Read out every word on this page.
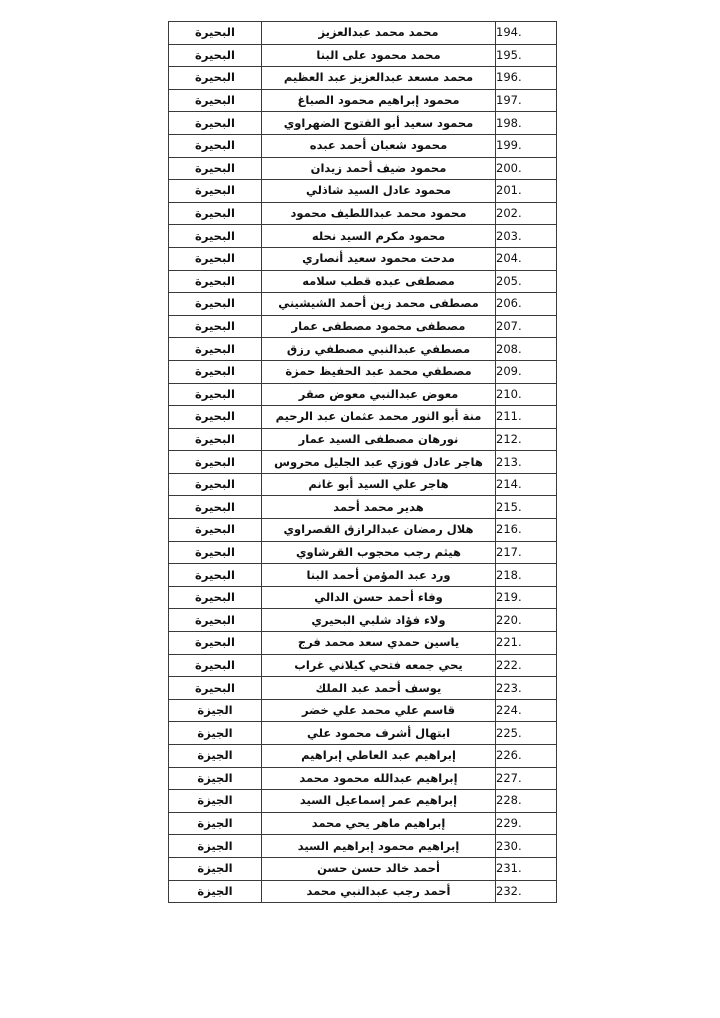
البحيرة	محمد محمد عبدالعزيز	194.
البحيرة	محمد محمود على البنا	195.
البحيرة	محمد مسعد عبدالعزيز عبد العظيم	196.
البحيرة	محمود إبراهيم محمود الصباغ	197.
البحيرة	محمود سعيد أبو الفتوح الضهراوي	198.
البحيرة	محمود شعبان أحمد عبده	199.
البحيرة	محمود ضيف أحمد زيدان	200.
البحيرة	محمود عادل السيد شاذلي	201.
البحيرة	محمود محمد عبداللطيف محمود	202.
البحيرة	محمود مكرم السيد نحله	203.
البحيرة	مدحت محمود سعيد أنصاري	204.
البحيرة	مصطفى عبده قطب سلامه	205.
البحيرة	مصطفى محمد زين أحمد الشيشيني	206.
البحيرة	مصطفى محمود مصطفى عمار	207.
البحيرة	مصطفي عبدالنبي مصطفي رزق	208.
البحيرة	مصطفي محمد عبد الحفيظ حمزة	209.
البحيرة	معوض عبدالنبي معوض صقر	210.
البحيرة	منة أبو النور محمد عثمان عبد الرحيم	211.
البحيرة	نورهان مصطفى السيد عمار	212.
البحيرة	هاجر عادل فوزي عبد الجليل محروس	213.
البحيرة	هاجر علي السيد أبو غانم	214.
البحيرة	هدير محمد أحمد	215.
البحيرة	هلال رمضان عبدالرازق القصراوي	216.
البحيرة	هيثم رجب محجوب القرشاوي	217.
البحيرة	ورد عبد المؤمن أحمد البنا	218.
البحيرة	وفاء أحمد حسن الدالي	219.
البحيرة	ولاء فؤاد شلبي البحيري	220.
البحيرة	ياسين حمدي سعد محمد فرج	221.
البحيرة	يحي جمعه فتحي كيلاني غراب	222.
البحيرة	يوسف أحمد عبد الملك	223.
الجيزة	قاسم علي محمد علي خضر	224.
الجيزة	ابتهال أشرف محمود علي	225.
الجيزة	إبراهيم عبد العاطي إبراهيم	226.
الجيزة	إبراهيم عبدالله محمود محمد	227.
الجيزة	إبراهيم عمر إسماعيل السيد	228.
الجيزة	إبراهيم ماهر يحي محمد	229.
الجيزة	إبراهيم محمود إبراهيم السيد	230.
الجيزة	أحمد خالد حسن حسن	231.
الجيزة	أحمد رجب عبدالنبي محمد	232.
